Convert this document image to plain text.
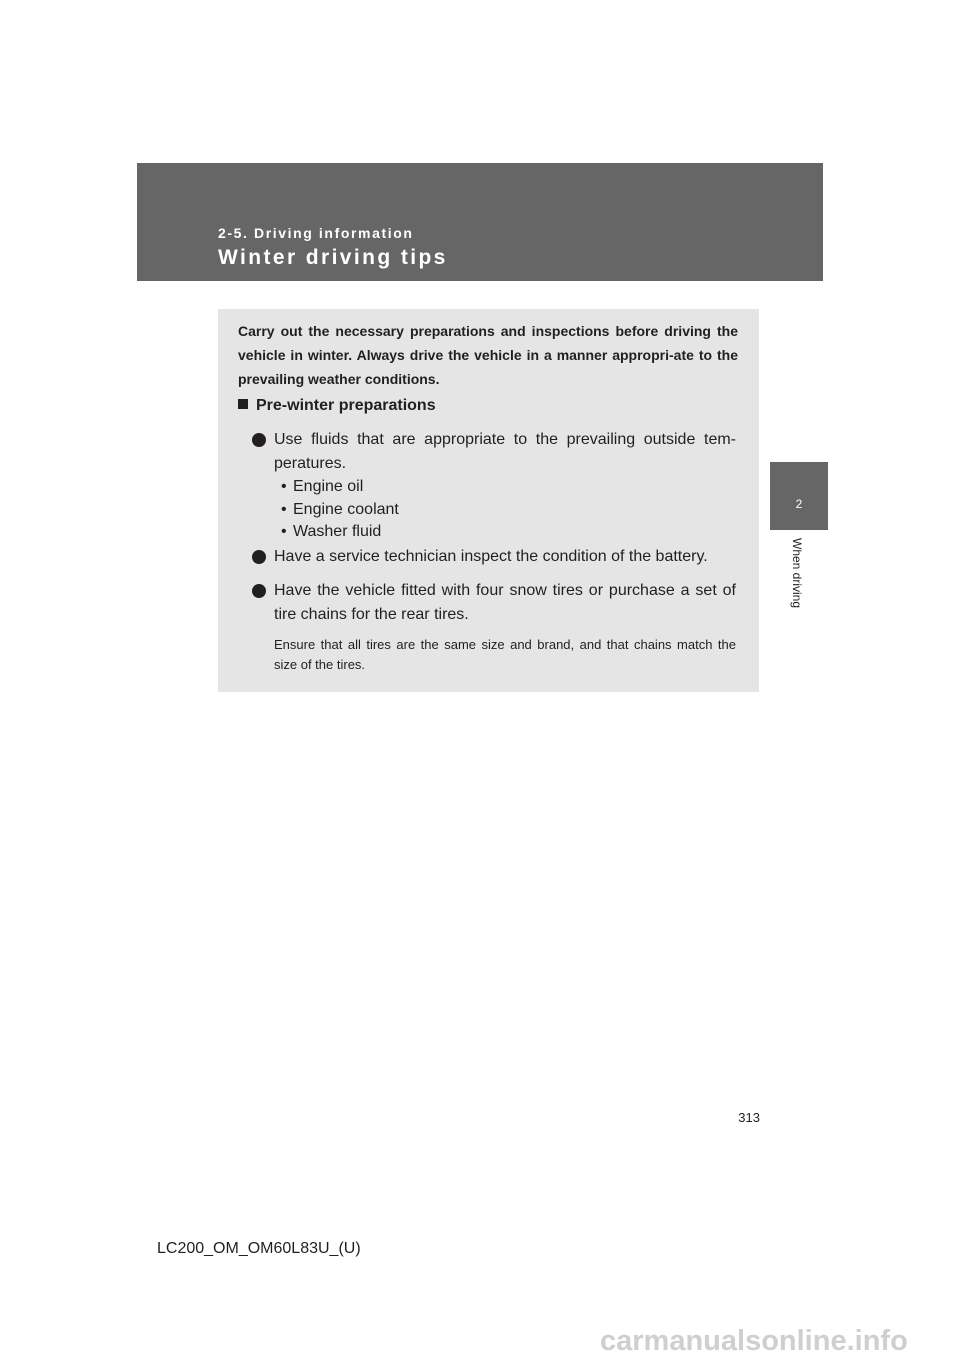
2-5. Driving information
Winter driving tips
2
When driving

Carry out the necessary preparations and inspections before driving the vehicle in winter. Always drive the vehicle in a manner appropri-ate to the prevailing weather conditions.

Pre-winter preparations
Use fluids that are appropriate to the prevailing outside tem-peratures.
• Engine oil
• Engine coolant
• Washer fluid
Have a service technician inspect the condition of the battery.
Have the vehicle fitted with four snow tires or purchase a set of tire chains for the rear tires.

Ensure that all tires are the same size and brand, and that chains match the size of the tires.

313
LC200_OM_OM60L83U_(U)
carmanualsonline.info
